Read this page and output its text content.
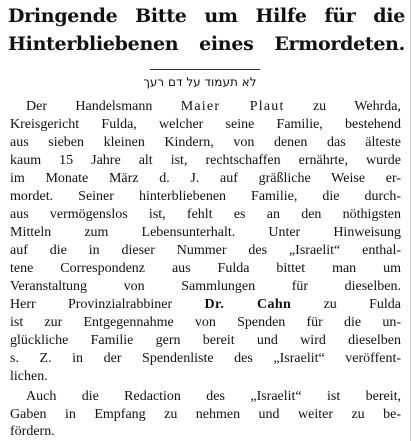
Dringende Bitte um Hilfe für die
Hinterbliebenen eines Ermordeten.
לא תעמוד על דם רעך

Der Handelsmann Maier Plaut zu Wehrda,

Kreisgericht Fulda, welcher seine Familie, bestehend

aus sieben kleinen Kindern, von denen das älteste

kaum 15 Jahre alt ist, rechtschaffen ernährte, wurde

im Monate März d. J. auf gräßliche Weise er-

mordet. Seiner hinterbliebenen Familie, die durch-

aus vermögenslos ist, fehlt es an den nöthigsten

Mitteln zum Lebensunterhalt. Unter Hinweisung

auf die in dieser Nummer des „Israelit“ enthal-

tene Correspondenz aus Fulda bittet man um

Veranstaltung von Sammlungen für dieselben.

Herr Provinzialrabbiner Dr. Cahn zu Fulda

ist zur Entgegennahme von Spenden für die un-

glückliche Familie gern bereit und wird dieselben

s. Z. in der Spendenliste des „Israelit“ veröffent-

lichen.

Auch die Redaction des „Israelit“ ist bereit,

Gaben in Empfang zu nehmen und weiter zu be-

fördern.
